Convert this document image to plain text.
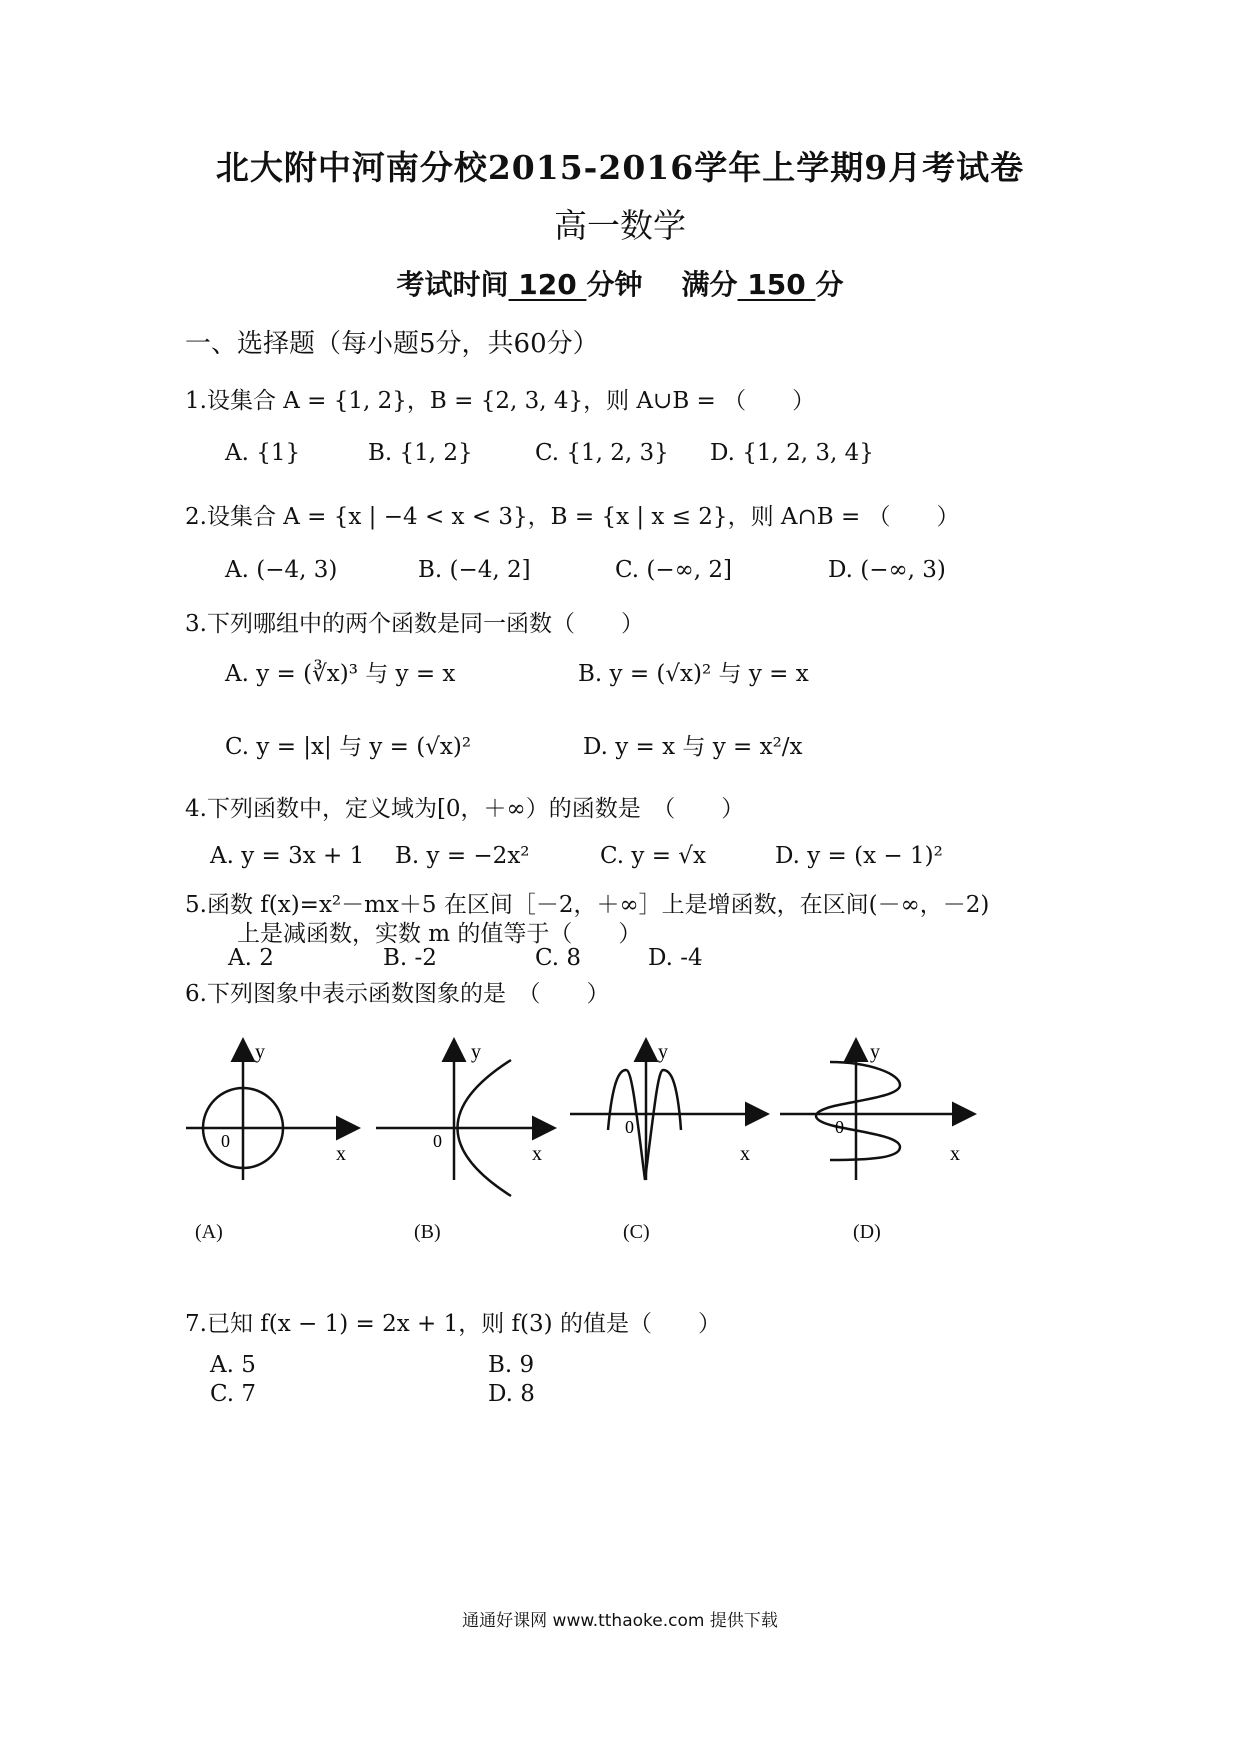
北大附中河南分校2015-2016学年上学期9月考试卷
高一数学
考试时间 120 分钟 满分 150 分
一、选择题（每小题5分，共60分）
1.设集合 A = {1, 2}，B = {2, 3, 4}，则 A∪B = （　　）
A. {1}	B. {1, 2}	C. {1, 2, 3} D. {1, 2, 3, 4}
2.设集合 A = {x | −4 < x < 3}，B = {x | x ≤ 2}，则 A∩B = （　　）
A. (−4, 3)	B. (−4, 2]	C. (−∞, 2]	D. (−∞, 3)
3.下列哪组中的两个函数是同一函数（　　）
A. y = (∛x)³ 与 y = x	B. y = (√x)² 与 y = x
C. y = |x| 与 y = (√x)²	D. y = x 与 y = x²/x
4.下列函数中，定义域为[0，＋∞）的函数是　（　　）
A. y = 3x + 1 B. y = −2x²	C. y = √x	D. y = (x − 1)²
5.函数 f(x)=x²－mx＋5 在区间［－2，＋∞］上是增函数，在区间(－∞，－2)
上是减函数，实数 m 的值等于（　　）
A. 2	B. -2	C. 8	D. -4
6.下列图象中表示函数图象的是　（　　）
y
x
0
y
x
0
y
x
0
y
x
0
(A)	(B)	(C)	(D)
7.已知 f(x − 1) = 2x + 1，则 f(3) 的值是（　　）
A. 5	B. 9
C. 7	D. 8
通通好课网 www.tthaoke.com 提供下载
